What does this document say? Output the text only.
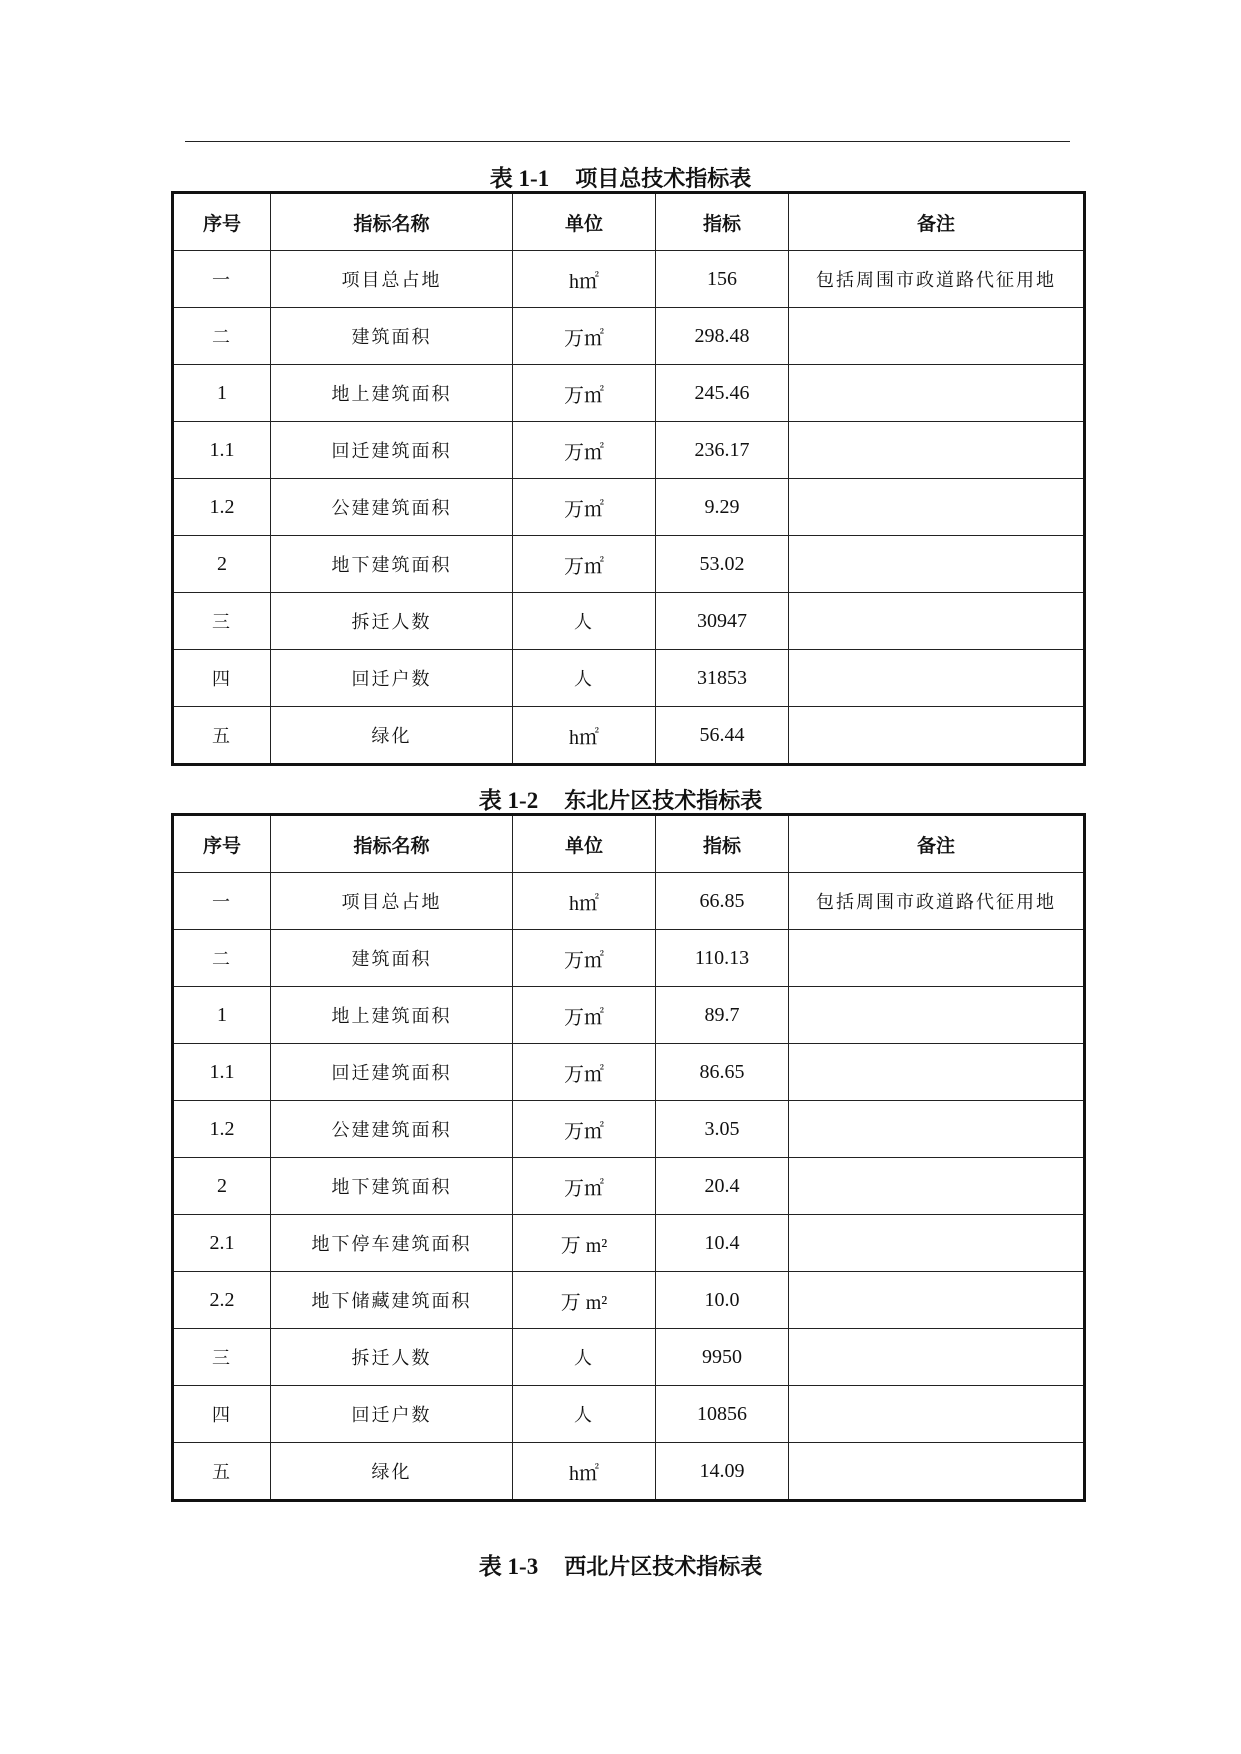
表 1-1 项目总技术指标表
序号	指标名称	单位	指标	备注
一	项目总占地	h㎡	156	包括周围市政道路代征用地
二	建筑面积	万㎡	298.48	
1	地上建筑面积	万㎡	245.46	
1.1	回迁建筑面积	万㎡	236.17	
1.2	公建建筑面积	万㎡	9.29	
2	地下建筑面积	万㎡	53.02	
三	拆迁人数	人	30947	
四	回迁户数	人	31853	
五	绿化	h㎡	56.44	
表 1-2 东北片区技术指标表
序号	指标名称	单位	指标	备注
一	项目总占地	h㎡	66.85	包括周围市政道路代征用地
二	建筑面积	万㎡	110.13	
1	地上建筑面积	万㎡	89.7	
1.1	回迁建筑面积	万㎡	86.65	
1.2	公建建筑面积	万㎡	3.05	
2	地下建筑面积	万㎡	20.4	
2.1	地下停车建筑面积	万 m²	10.4	
2.2	地下储藏建筑面积	万 m²	10.0	
三	拆迁人数	人	9950	
四	回迁户数	人	10856	
五	绿化	h㎡	14.09	
表 1-3 西北片区技术指标表
